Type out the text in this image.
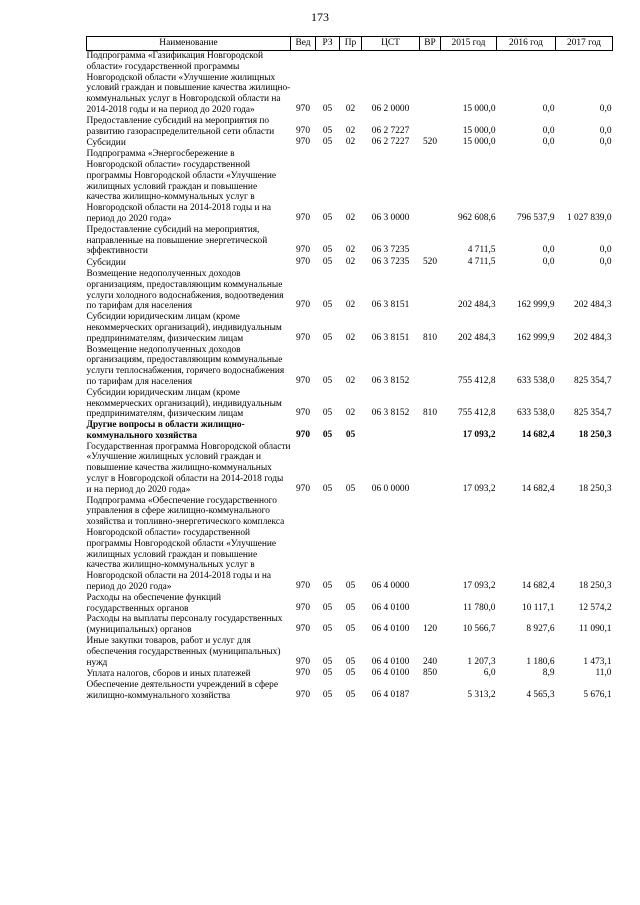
173
Наименование	Вед	РЗ	Пр	ЦСТ	ВР	2015 год	2016 год	2017 год
Подпрограмма «Газификация Новгородской области» государственной программы Новгородской области «Улучшение жилищных условий граждан и повышение качества жилищно-коммунальных услуг в Новгородской области на 2014-2018 годы и на период до 2020 года»	970	05	02	06 2 0000		15 000,0	0,0	0,0
Предоставление субсидий на мероприятия по развитию газораспределительной сети области	970	05	02	06 2 7227		15 000,0	0,0	0,0
Субсидии	970	05	02	06 2 7227	520	15 000,0	0,0	0,0
Подпрограмма «Энергосбережение в Новгородской области» государственной программы Новгородской области «Улучшение жилищных условий граждан и повышение качества жилищно-коммунальных услуг в Новгородской области на 2014-2018 годы и на период до 2020 года»	970	05	02	06 3 0000		962 608,6	796 537,9	1 027 839,0
Предоставление субсидий на мероприятия, направленные на повышение энергетической эффективности	970	05	02	06 3 7235		4 711,5	0,0	0,0
Субсидии	970	05	02	06 3 7235	520	4 711,5	0,0	0,0
Возмещение недополученных доходов организациям, предоставляющим коммунальные услуги холодного водоснабжения, водоотведения по тарифам для населения	970	05	02	06 3 8151		202 484,3	162 999,9	202 484,3
Субсидии юридическим лицам (кроме некоммерческих организаций), индивидуальным предпринимателям, физическим лицам	970	05	02	06 3 8151	810	202 484,3	162 999,9	202 484,3
Возмещение недополученных доходов организациям, предоставляющим коммунальные услуги теплоснабжения, горячего водоснабжения по тарифам для населения	970	05	02	06 3 8152		755 412,8	633 538,0	825 354,7
Субсидии юридическим лицам (кроме некоммерческих организаций), индивидуальным предпринимателям, физическим лицам	970	05	02	06 3 8152	810	755 412,8	633 538,0	825 354,7
Другие вопросы в области жилищно-коммунального хозяйства	970	05	05			17 093,2	14 682,4	18 250,3
Государственная программа Новгородской области «Улучшение жилищных условий граждан и повышение качества жилищно-коммунальных услуг в Новгородской области на 2014-2018 годы и на период до 2020 года»	970	05	05	06 0 0000		17 093,2	14 682,4	18 250,3
Подпрограмма «Обеспечение государственного управления в сфере жилищно-коммунального хозяйства и топливно-энергетического комплекса Новгородской области» государственной программы Новгородской области «Улучшение жилищных условий граждан и повышение качества жилищно-коммунальных услуг в Новгородской области на 2014-2018 годы и на период до 2020 года»	970	05	05	06 4 0000		17 093,2	14 682,4	18 250,3
Расходы на обеспечение функций государственных органов	970	05	05	06 4 0100		11 780,0	10 117,1	12 574,2
Расходы на выплаты персоналу государственных (муниципальных) органов	970	05	05	06 4 0100	120	10 566,7	8 927,6	11 090,1
Иные закупки товаров, работ и услуг для обеспечения государственных (муниципальных) нужд	970	05	05	06 4 0100	240	1 207,3	1 180,6	1 473,1
Уплата налогов, сборов и иных платежей	970	05	05	06 4 0100	850	6,0	8,9	11,0
Обеспечение деятельности учреждений в сфере жилищно-коммунального хозяйства	970	05	05	06 4 0187		5 313,2	4 565,3	5 676,1
